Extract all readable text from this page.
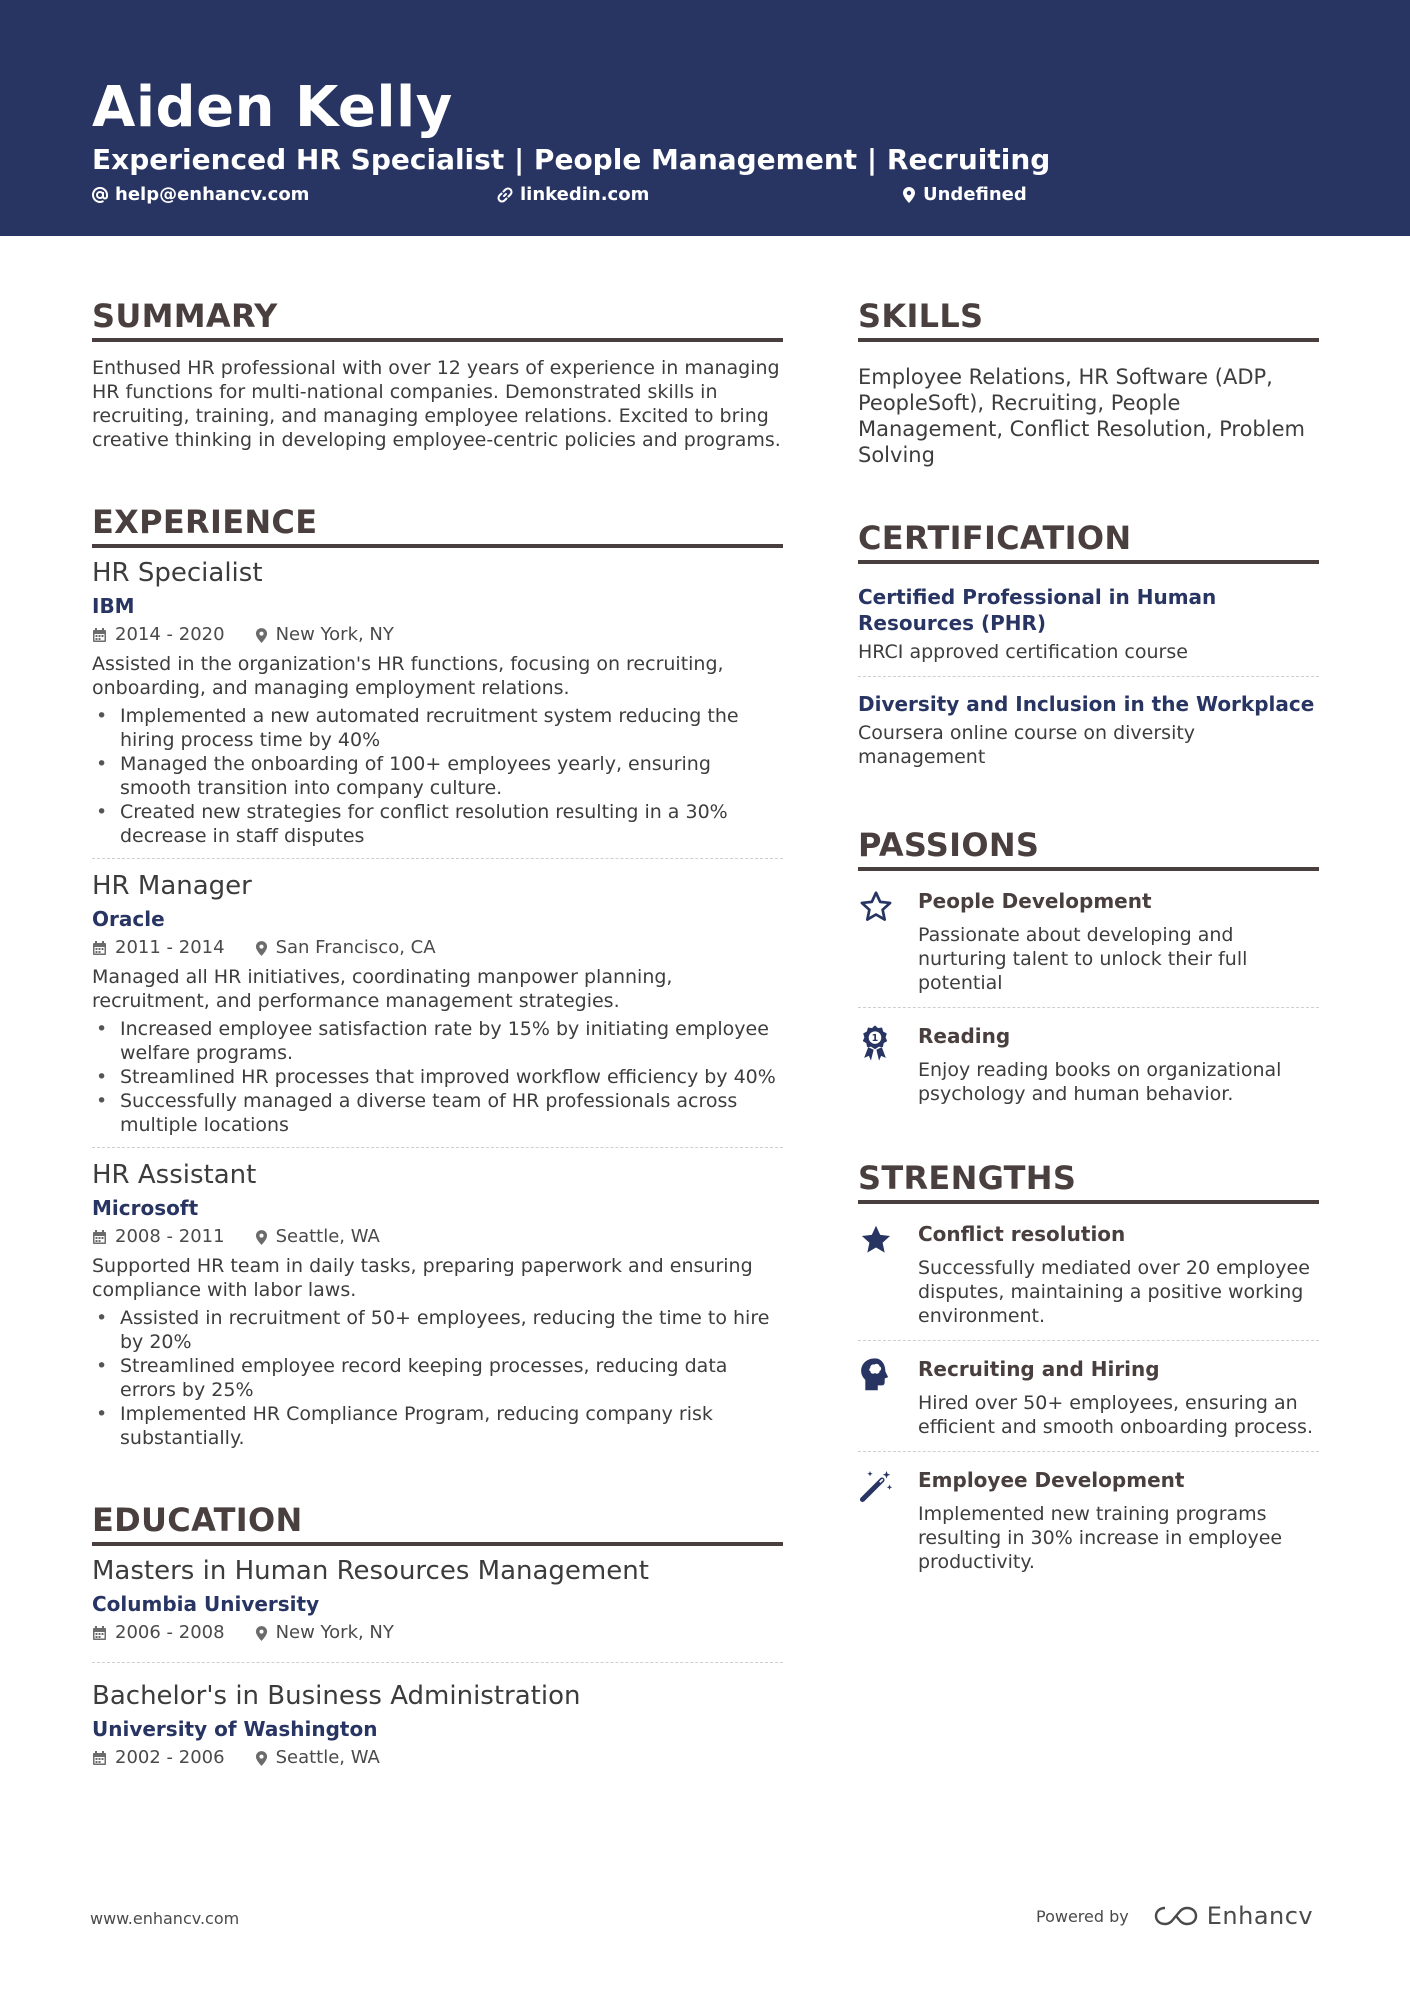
Aiden Kelly
Experienced HR Specialist | People Management | Recruiting
help@enhancv.com	linkedin.com	Undefined
SUMMARY
Enthused HR professional with over 12 years of experience in managing HR functions for multi-national companies. Demonstrated skills in recruiting, training, and managing employee relations. Excited to bring creative thinking in developing employee-centric policies and programs.
EXPERIENCE
HR Specialist
IBM
2014 - 2020	New York, NY
Assisted in the organization's HR functions, focusing on recruiting, onboarding, and managing employment relations.
• Implemented a new automated recruitment system reducing the hiring process time by 40%
• Managed the onboarding of 100+ employees yearly, ensuring smooth transition into company culture.
• Created new strategies for conflict resolution resulting in a 30% decrease in staff disputes
HR Manager
Oracle
2011 - 2014	San Francisco, CA
Managed all HR initiatives, coordinating manpower planning, recruitment, and performance management strategies.
• Increased employee satisfaction rate by 15% by initiating employee welfare programs.
• Streamlined HR processes that improved workflow efficiency by 40%
• Successfully managed a diverse team of HR professionals across multiple locations
HR Assistant
Microsoft
2008 - 2011	Seattle, WA
Supported HR team in daily tasks, preparing paperwork and ensuring compliance with labor laws.
• Assisted in recruitment of 50+ employees, reducing the time to hire by 20%
• Streamlined employee record keeping processes, reducing data errors by 25%
• Implemented HR Compliance Program, reducing company risk substantially.
EDUCATION
Masters in Human Resources Management
Columbia University
2006 - 2008	New York, NY
Bachelor's in Business Administration
University of Washington
2002 - 2006	Seattle, WA
SKILLS
Employee Relations, HR Software (ADP, PeopleSoft), Recruiting, People Management, Conflict Resolution, Problem Solving
CERTIFICATION
Certified Professional in Human Resources (PHR)
HRCI approved certification course
Diversity and Inclusion in the Workplace
Coursera online course on diversity management
PASSIONS
People Development
Passionate about developing and nurturing talent to unlock their full potential
1 Reading
Enjoy reading books on organizational psychology and human behavior.
STRENGTHS
Conflict resolution
Successfully mediated over 20 employee disputes, maintaining a positive working environment.
Recruiting and Hiring
Hired over 50+ employees, ensuring an efficient and smooth onboarding process.
Employee Development
Implemented new training programs resulting in 30% increase in employee productivity.
www.enhancv.com	Powered by	Enhancv
